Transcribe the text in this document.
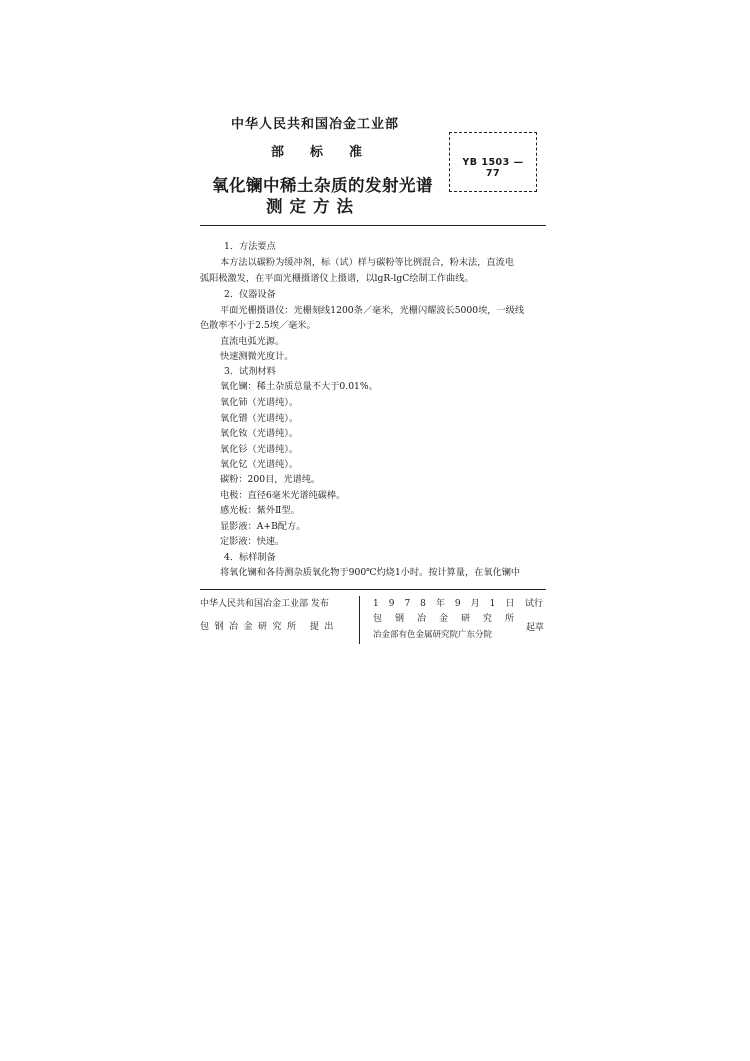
中华人民共和国冶金工业部
部标准
氧化镧中稀土杂质的发射光谱
测定方法
YB 1503 — 77
1．方法要点
本方法以碳粉为缓冲剂，标（试）样与碳粉等比例混合，粉末法，直流电
弧阳极激发，在平面光栅摄谱仪上摄谱，以lgR-lgC绘制工作曲线。
2．仪器设备
平面光栅摄谱仪：光栅刻线1200条／毫米，光栅闪耀波长5000埃，一级线
色散率不小于2.5埃／毫米。
直流电弧光源。
快速测微光度计。
3．试剂材料
氧化镧：稀土杂质总量不大于0.01%。
氧化铈（光谱纯）。
氧化镨（光谱纯）。
氧化钕（光谱纯）。
氧化钐（光谱纯）。
氧化钇（光谱纯）。
碳粉：200目，光谱纯。
电极：直径6毫米光谱纯碳棒。
感光板：紫外Ⅱ型。
显影液：A+B配方。
定影液：快速。
4．标样制备
将氧化镧和各待测杂质氧化物于900℃灼烧1小时。按计算量，在氧化镧中
中华人民共和国冶金工业部 发布
包钢冶金研究所 提出
1978年9月1日 试行
包钢冶金研究所
冶金部有色金属研究院广东分院
起草
